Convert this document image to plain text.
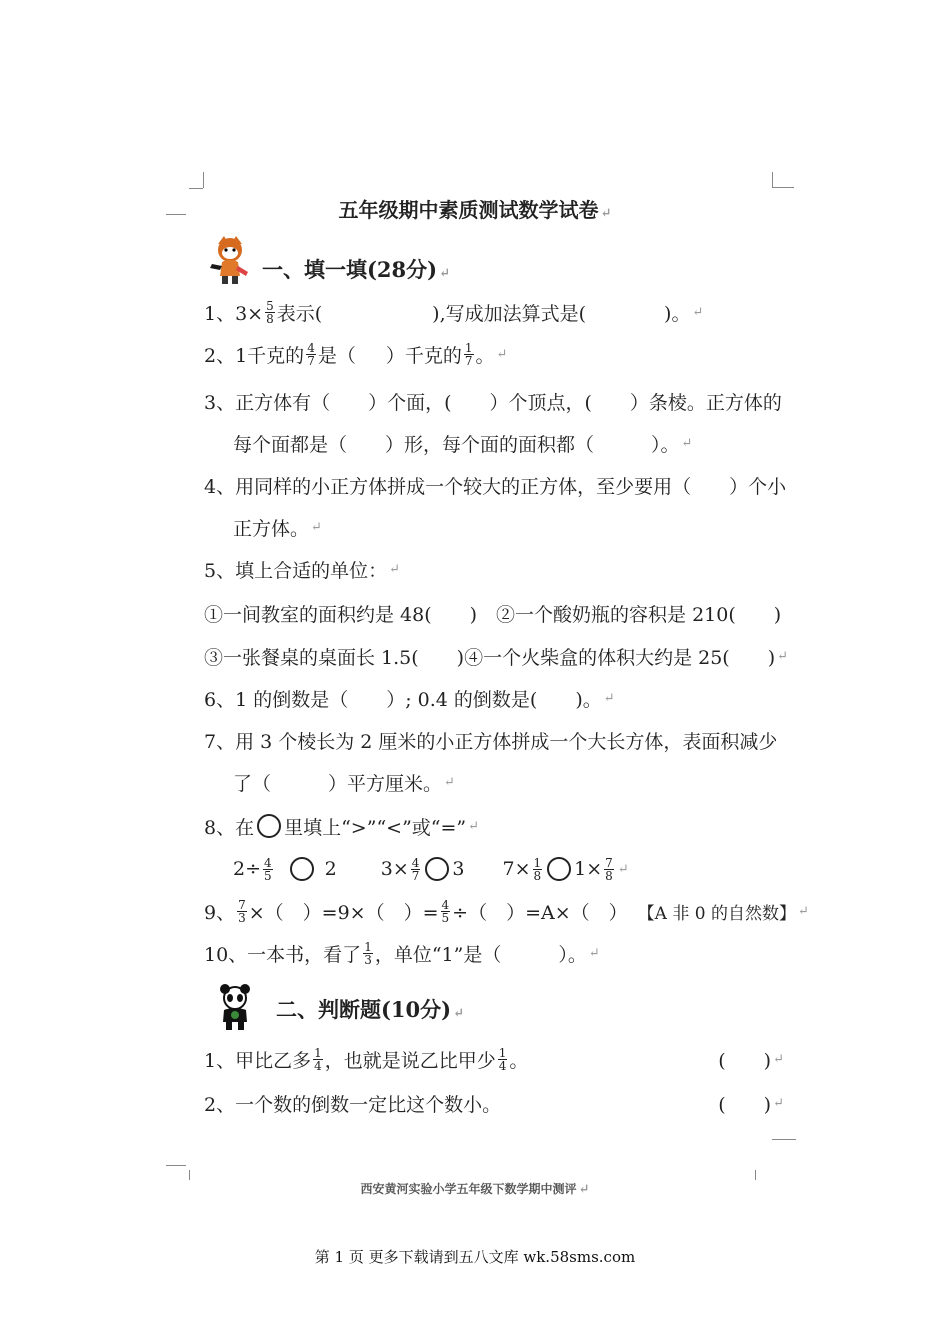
五年级期中素质测试数学试卷 ↵
一、填一填(28分) ↵
1、$3\times \frac{5}{8}$ 表示(	),写成加法算式是(	)。 ↵
2、1千克的 $\frac{4}{7}$ 是（ ）千克的 $\frac{1}{7}$ 。 ↵
3、正方体有（　　）个面，(　　）个顶点，(　　）条棱。正方体的
每个面都是（　　）形，每个面的面积都（　　　）。 ↵
4、用同样的小正方体拼成一个较大的正方体，至少要用（　　）个小
正方体。 ↵
5、填上合适的单位： ↵
①一间教室的面积约是 48(　　)　②一个酸奶瓶的容积是 210(　　)
③一张餐桌的桌面长 1.5(　　)④一个火柴盒的体积大约是 25(　　) ↵
6、1 的倒数是（　　）; 0.4 的倒数是(　　)。 ↵
7、用 3 个棱长为 2 厘米的小正方体拼成一个大长方体，表面积减少
了（　　　）平方厘米。 ↵
8、在 里填上“>”“<”或“=” ↵
$2\div \frac{4}{5}$	2 $3\times \frac{4}{7} 3$ $7\times \frac{1}{8} 1\times \frac{7}{8}$ ↵
9、 $\frac{7}{3}$ ×（　）=9×（　）= $\frac{4}{5}$ ÷（　）=A×（　） 【A 非 0 的自然数】 ↵
10、一本书，看了 $\frac{1}{3}$ ，单位“1”是（　　　）。 ↵
二、判断题(10分) ↵
1、甲比乙多 $\frac{1}{4}$ ，也就是说乙比甲少 $\frac{1}{4}$ 。	(　　) ↵
2、一个数的倒数一定比这个数小。	(　　) ↵
西安黄河实验小学五年级下数学期中测评 ↵
第 1 页 更多下载请到五八文库 wk.58sms.com
